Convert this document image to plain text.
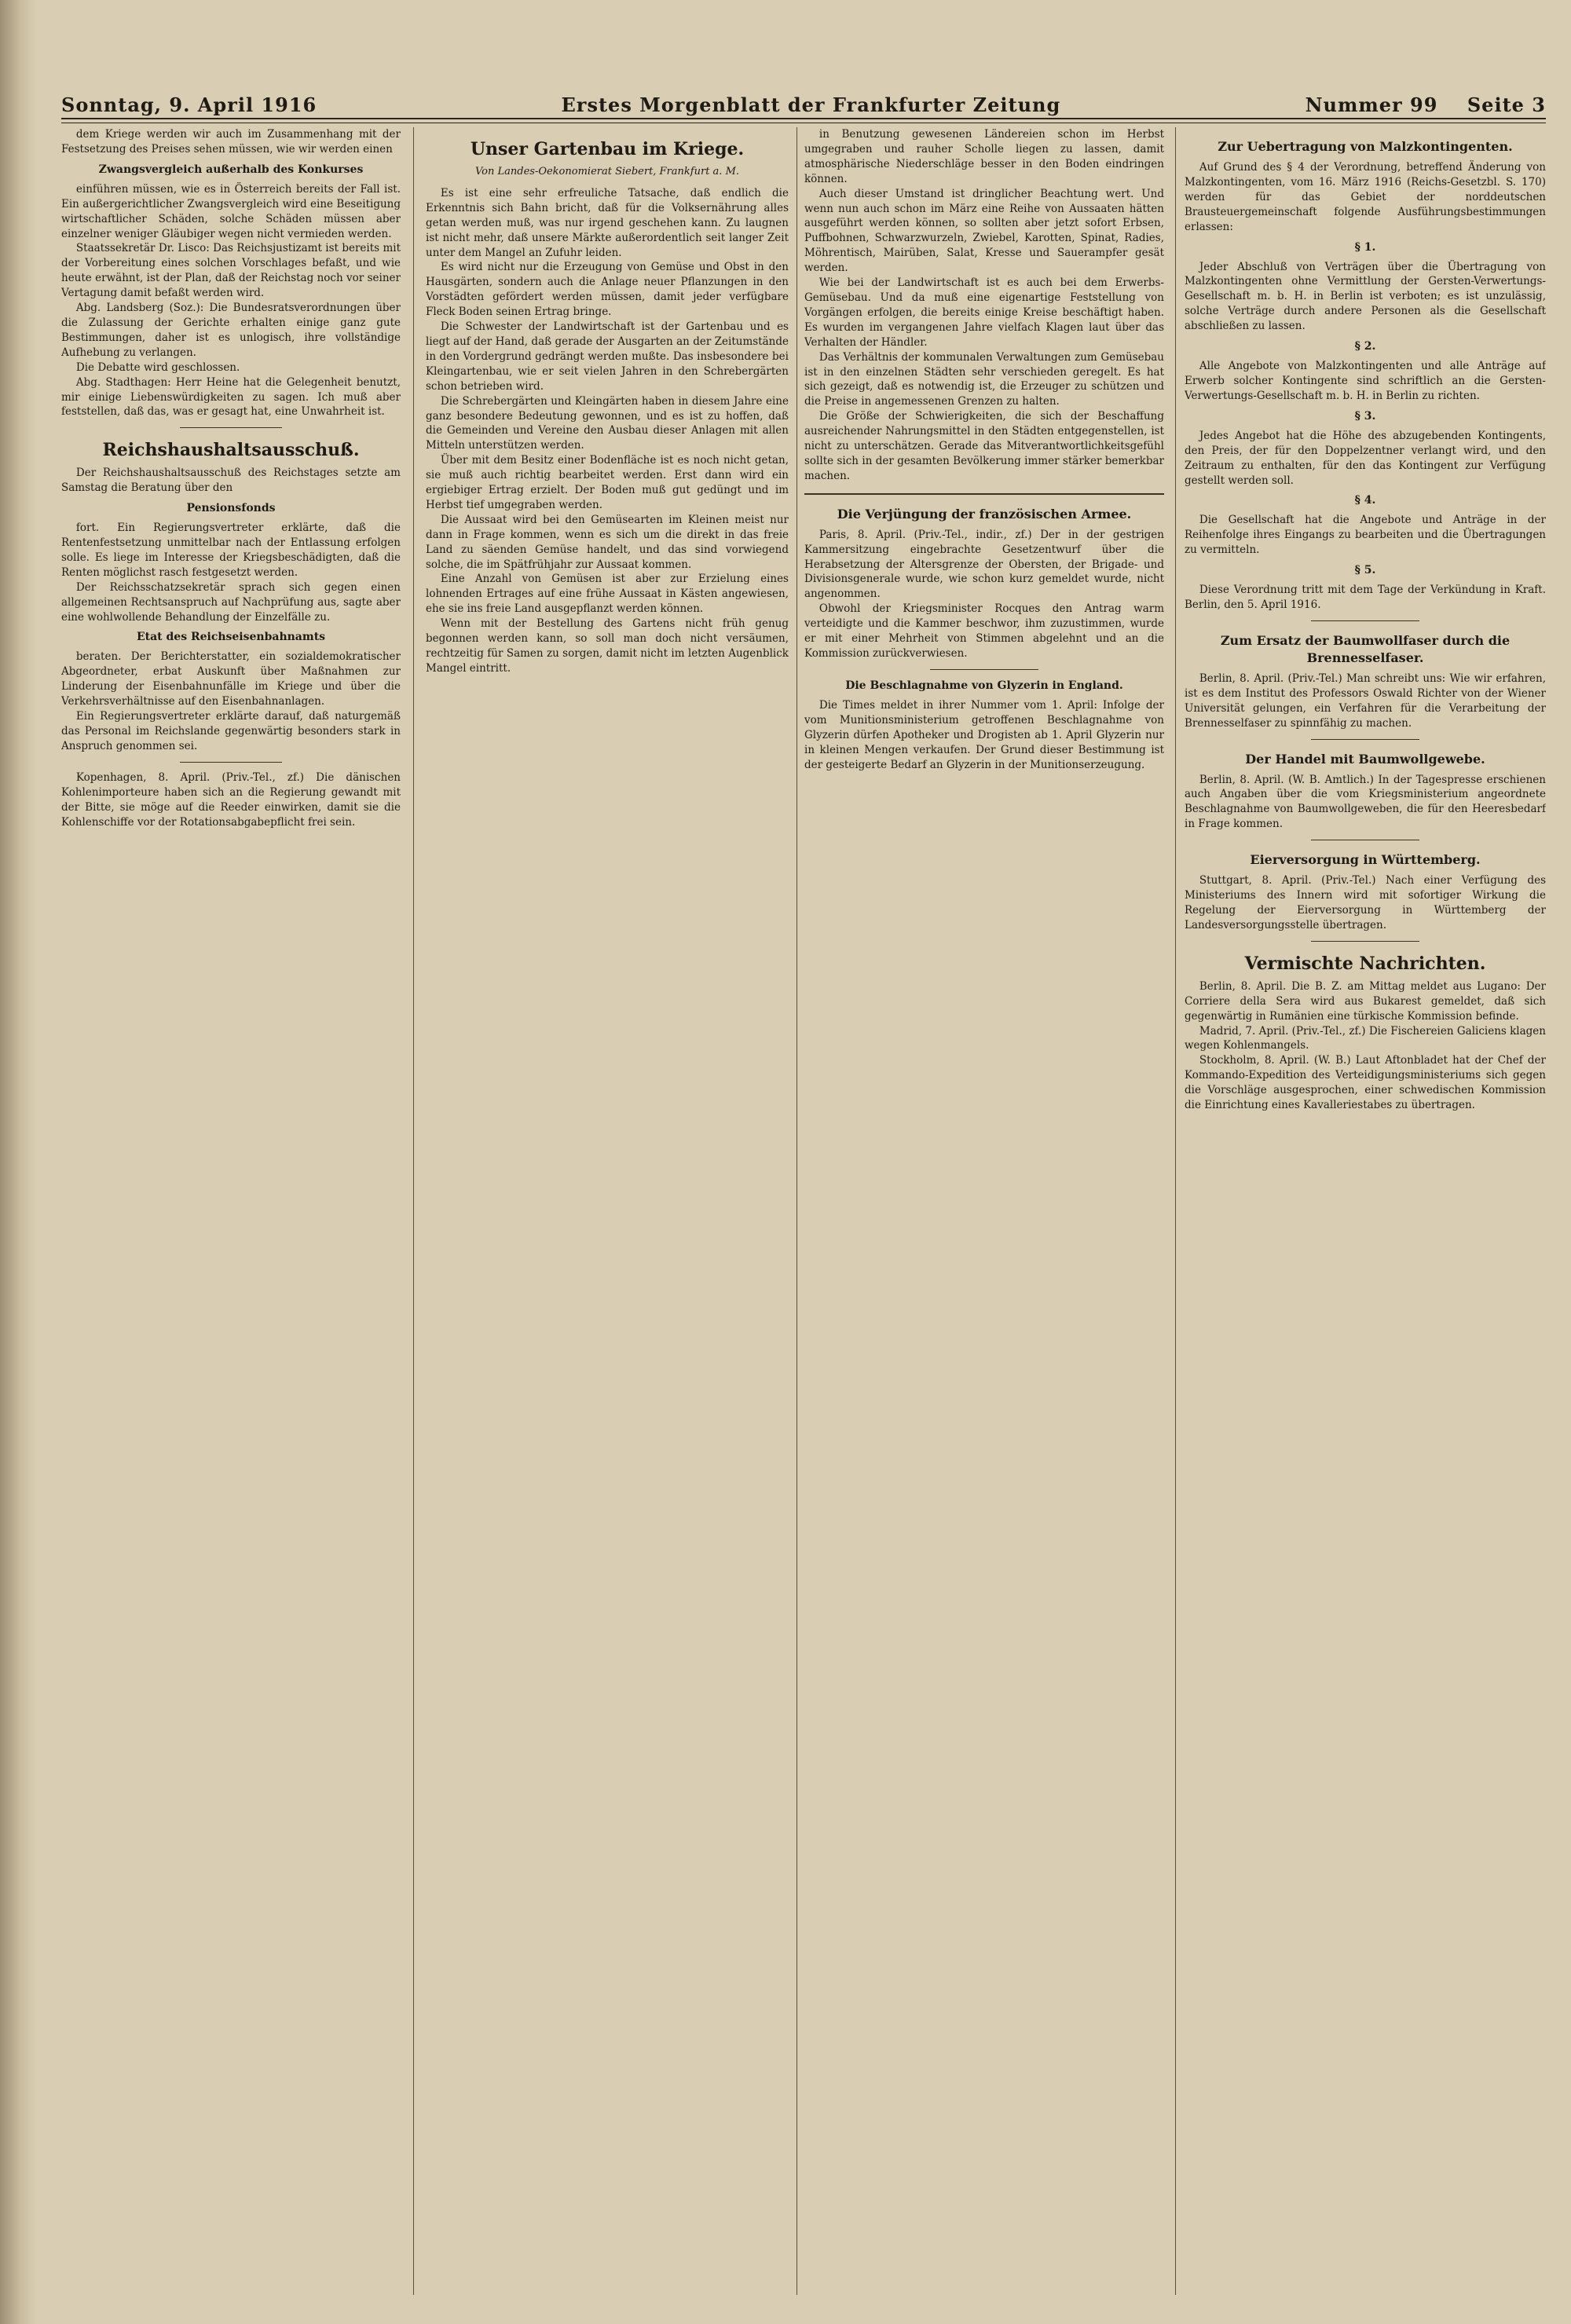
Sonntag, 9. April 1916	Erstes Morgenblatt der Frankfurter Zeitung	Nummer 99 Seite 3

dem Kriege werden wir auch im Zusammenhang mit der Festsetzung des Preises sehen müssen, wie wir werden einen

Zwangsvergleich außerhalb des Konkurses

einführen müssen, wie es in Österreich bereits der Fall ist. Ein außergerichtlicher Zwangsvergleich wird eine Beseitigung wirtschaftlicher Schäden, solche Schäden müssen aber einzelner weniger Gläubiger wegen nicht vermieden werden.

Staatssekretär Dr. Lisco: Das Reichsjustizamt ist bereits mit der Vorbereitung eines solchen Vorschlages befaßt, und wie heute erwähnt, ist der Plan, daß der Reichstag noch vor seiner Vertagung damit befaßt werden wird.

Abg. Landsberg (Soz.): Die Bundesratsverordnungen über die Zulassung der Gerichte erhalten einige ganz gute Bestimmungen, daher ist es unlogisch, ihre vollständige Aufhebung zu verlangen.

Die Debatte wird geschlossen.

Abg. Stadthagen: Herr Heine hat die Gelegenheit benutzt, mir einige Liebenswürdigkeiten zu sagen. Ich muß aber feststellen, daß das, was er gesagt hat, eine Unwahrheit ist.

Reichshaushaltsausschuß.

Der Reichshaushaltsausschuß des Reichstages setzte am Samstag die Beratung über den

Pensionsfonds

fort. Ein Regierungsvertreter erklärte, daß die Rentenfestsetzung unmittelbar nach der Entlassung erfolgen solle. Es liege im Interesse der Kriegsbeschädigten, daß die Renten möglichst rasch festgesetzt werden.

Der Reichsschatzsekretär sprach sich gegen einen allgemeinen Rechtsanspruch auf Nachprüfung aus, sagte aber eine wohlwollende Behandlung der Einzelfälle zu.

Etat des Reichseisenbahnamts

beraten. Der Berichterstatter, ein sozialdemokratischer Abgeordneter, erbat Auskunft über Maßnahmen zur Linderung der Eisenbahnunfälle im Kriege und über die Verkehrsverhältnisse auf den Eisenbahnanlagen.

Ein Regierungsvertreter erklärte darauf, daß naturgemäß das Personal im Reichslande gegenwärtig besonders stark in Anspruch genommen sei.

Kopenhagen, 8. April. (Priv.-Tel., zf.) Die dänischen Kohlenimporteure haben sich an die Regierung gewandt mit der Bitte, sie möge auf die Reeder einwirken, damit sie die Kohlenschiffe vor der Rotationsabgabepflicht frei sein.

Unser Gartenbau im Kriege.
Von Landes-Oekonomierat Siebert, Frankfurt a. M.

Es ist eine sehr erfreuliche Tatsache, daß endlich die Erkenntnis sich Bahn bricht, daß für die Volksernährung alles getan werden muß, was nur irgend geschehen kann. Zu laugnen ist nicht mehr, daß unsere Märkte außerordentlich seit langer Zeit unter dem Mangel an Zufuhr leiden.

Es wird nicht nur die Erzeugung von Gemüse und Obst in den Hausgärten, sondern auch die Anlage neuer Pflanzungen in den Vorstädten gefördert werden müssen, damit jeder verfügbare Fleck Boden seinen Ertrag bringe.

Die Schwester der Landwirtschaft ist der Gartenbau und es liegt auf der Hand, daß gerade der Ausgarten an der Zeitumstände in den Vordergrund gedrängt werden mußte. Das insbesondere bei Kleingartenbau, wie er seit vielen Jahren in den Schrebergärten schon betrieben wird.

Die Schrebergärten und Kleingärten haben in diesem Jahre eine ganz besondere Bedeutung gewonnen, und es ist zu hoffen, daß die Gemeinden und Vereine den Ausbau dieser Anlagen mit allen Mitteln unterstützen werden.

Über mit dem Besitz einer Bodenfläche ist es noch nicht getan, sie muß auch richtig bearbeitet werden. Erst dann wird ein ergiebiger Ertrag erzielt. Der Boden muß gut gedüngt und im Herbst tief umgegraben werden.

Die Aussaat wird bei den Gemüsearten im Kleinen meist nur dann in Frage kommen, wenn es sich um die direkt in das freie Land zu säenden Gemüse handelt, und das sind vorwiegend solche, die im Spätfrühjahr zur Aussaat kommen.

Eine Anzahl von Gemüsen ist aber zur Erzielung eines lohnenden Ertrages auf eine frühe Aussaat in Kästen angewiesen, ehe sie ins freie Land ausgepflanzt werden können.

Wenn mit der Bestellung des Gartens nicht früh genug begonnen werden kann, so soll man doch nicht versäumen, rechtzeitig für Samen zu sorgen, damit nicht im letzten Augenblick Mangel eintritt.

in Benutzung gewesenen Ländereien schon im Herbst umgegraben und rauher Scholle liegen zu lassen, damit atmosphärische Niederschläge besser in den Boden eindringen können.

Auch dieser Umstand ist dringlicher Beachtung wert. Und wenn nun auch schon im März eine Reihe von Aussaaten hätten ausgeführt werden können, so sollten aber jetzt sofort Erbsen, Puffbohnen, Schwarzwurzeln, Zwiebel, Karotten, Spinat, Radies, Möhrentisch, Mairüben, Salat, Kresse und Sauerampfer gesät werden.

Wie bei der Landwirtschaft ist es auch bei dem Erwerbs-Gemüsebau. Und da muß eine eigenartige Feststellung von Vorgängen erfolgen, die bereits einige Kreise beschäftigt haben. Es wurden im vergangenen Jahre vielfach Klagen laut über das Verhalten der Händler.

Das Verhältnis der kommunalen Verwaltungen zum Gemüsebau ist in den einzelnen Städten sehr verschieden geregelt. Es hat sich gezeigt, daß es notwendig ist, die Erzeuger zu schützen und die Preise in angemessenen Grenzen zu halten.

Die Größe der Schwierigkeiten, die sich der Beschaffung ausreichender Nahrungsmittel in den Städten entgegenstellen, ist nicht zu unterschätzen. Gerade das Mitverantwortlichkeitsgefühl sollte sich in der gesamten Bevölkerung immer stärker bemerkbar machen.

Die Verjüngung der französischen Armee.

Paris, 8. April. (Priv.-Tel., indir., zf.) Der in der gestrigen Kammersitzung eingebrachte Gesetzentwurf über die Herabsetzung der Altersgrenze der Obersten, der Brigade- und Divisionsgenerale wurde, wie schon kurz gemeldet wurde, nicht angenommen.

Obwohl der Kriegsminister Rocques den Antrag warm verteidigte und die Kammer beschwor, ihm zuzustimmen, wurde er mit einer Mehrheit von Stimmen abgelehnt und an die Kommission zurückverwiesen.

Die Beschlagnahme von Glyzerin in England.

Die Times meldet in ihrer Nummer vom 1. April: Infolge der vom Munitionsministerium getroffenen Beschlagnahme von Glyzerin dürfen Apotheker und Drogisten ab 1. April Glyzerin nur in kleinen Mengen verkaufen. Der Grund dieser Bestimmung ist der gesteigerte Bedarf an Glyzerin in der Munitionserzeugung.

Zur Uebertragung von Malzkontingenten.

Auf Grund des § 4 der Verordnung, betreffend Änderung von Malzkontingenten, vom 16. März 1916 (Reichs-Gesetzbl. S. 170) werden für das Gebiet der norddeutschen Brausteuergemeinschaft folgende Ausführungsbestimmungen erlassen:

§ 1.

Jeder Abschluß von Verträgen über die Übertragung von Malzkontingenten ohne Vermittlung der Gersten-Verwertungs-Gesellschaft m. b. H. in Berlin ist verboten; es ist unzulässig, solche Verträge durch andere Personen als die Gesellschaft abschließen zu lassen.

§ 2.

Alle Angebote von Malzkontingenten und alle Anträge auf Erwerb solcher Kontingente sind schriftlich an die Gersten-Verwertungs-Gesellschaft m. b. H. in Berlin zu richten.

§ 3.

Jedes Angebot hat die Höhe des abzugebenden Kontingents, den Preis, der für den Doppelzentner verlangt wird, und den Zeitraum zu enthalten, für den das Kontingent zur Verfügung gestellt werden soll.

§ 4.

Die Gesellschaft hat die Angebote und Anträge in der Reihenfolge ihres Eingangs zu bearbeiten und die Übertragungen zu vermitteln.

§ 5.

Diese Verordnung tritt mit dem Tage der Verkündung in Kraft. Berlin, den 5. April 1916.

Zum Ersatz der Baumwollfaser durch die Brennesselfaser.

Berlin, 8. April. (Priv.-Tel.) Man schreibt uns: Wie wir erfahren, ist es dem Institut des Professors Oswald Richter von der Wiener Universität gelungen, ein Verfahren für die Verarbeitung der Brennesselfaser zu spinnfähig zu machen.

Der Handel mit Baumwollgewebe.

Berlin, 8. April. (W. B. Amtlich.) In der Tagespresse erschienen auch Angaben über die vom Kriegsministerium angeordnete Beschlagnahme von Baumwollgeweben, die für den Heeresbedarf in Frage kommen.

Eierversorgung in Württemberg.

Stuttgart, 8. April. (Priv.-Tel.) Nach einer Verfügung des Ministeriums des Innern wird mit sofortiger Wirkung die Regelung der Eierversorgung in Württemberg der Landesversorgungsstelle übertragen.

Vermischte Nachrichten.

Berlin, 8. April. Die B. Z. am Mittag meldet aus Lugano: Der Corriere della Sera wird aus Bukarest gemeldet, daß sich gegenwärtig in Rumänien eine türkische Kommission befinde.

Madrid, 7. April. (Priv.-Tel., zf.) Die Fischereien Galiciens klagen wegen Kohlenmangels.

Stockholm, 8. April. (W. B.) Laut Aftonbladet hat der Chef der Kommando-Expedition des Verteidigungsministeriums sich gegen die Vorschläge ausgesprochen, einer schwedischen Kommission die Einrichtung eines Kavalleriestabes zu übertragen.
